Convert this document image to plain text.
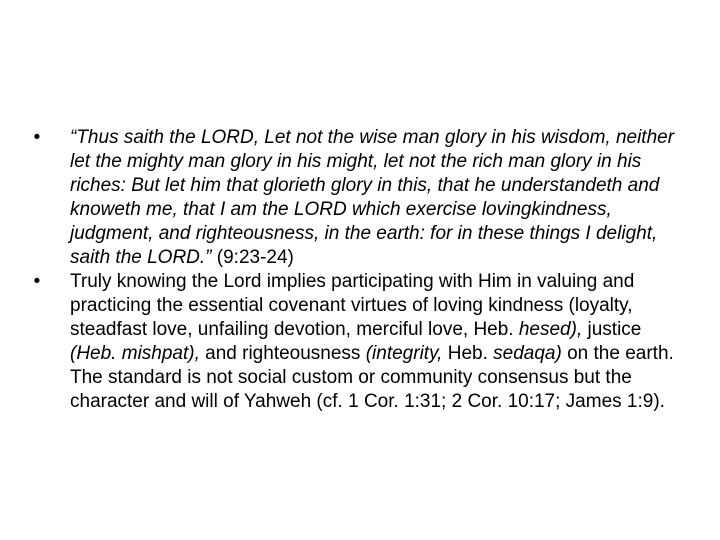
• “Thus saith the LORD, Let not the wise man glory in his wisdom, neither let the mighty man glory in his might, let not the rich man glory in his riches: But let him that glorieth glory in this, that he understandeth and knoweth me, that I am the LORD which exercise lovingkindness, judgment, and righteousness, in the earth: for in these things I delight, saith the LORD.” (9:23-24)
• Truly knowing the Lord implies participating with Him in valuing and practicing the essential covenant virtues of loving kindness (loyalty, steadfast love, unfailing devotion, merciful love, Heb. hesed), justice (Heb. mishpat), and righteousness (integrity, Heb. sedaqa) on the earth. The standard is not social custom or community consensus but the character and will of Yahweh (cf. 1 Cor. 1:31; 2 Cor. 10:17; James 1:9).
